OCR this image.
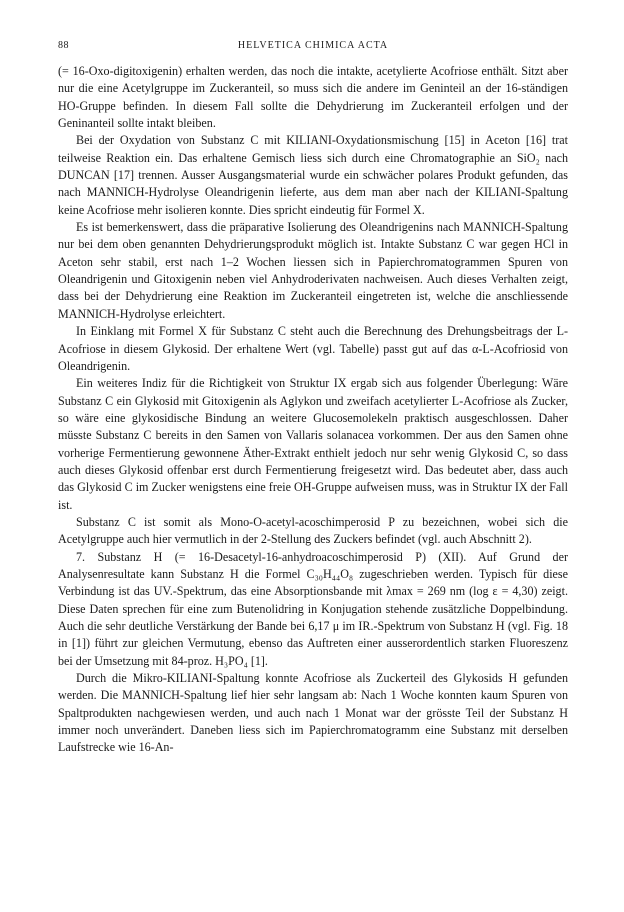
88	HELVETICA CHIMICA ACTA

(= 16-Oxo-digitoxigenin) erhalten werden, das noch die intakte, acetylierte Acofriose enthält. Sitzt aber nur die eine Acetylgruppe im Zuckeranteil, so muss sich die andere im Geninteil an der 16-ständigen HO-Gruppe befinden. In diesem Fall sollte die Dehydrierung im Zuckeranteil erfolgen und der Geninanteil sollte intakt bleiben.

Bei der Oxydation von Substanz C mit KILIANI-Oxydationsmischung [15] in Aceton [16] trat teilweise Reaktion ein. Das erhaltene Gemisch liess sich durch eine Chromatographie an SiO₂ nach DUNCAN [17] trennen. Ausser Ausgangsmaterial wurde ein schwächer polares Produkt gefunden, das nach MANNICH-Hydrolyse Oleandrigenin lieferte, aus dem man aber nach der KILIANI-Spaltung keine Acofriose mehr isolieren konnte. Dies spricht eindeutig für Formel X.

Es ist bemerkenswert, dass die präparative Isolierung des Oleandrigenins nach MANNICH-Spaltung nur bei dem oben genannten Dehydrierungsprodukt möglich ist. Intakte Substanz C war gegen HCl in Aceton sehr stabil, erst nach 1–2 Wochen liessen sich in Papierchromatogrammen Spuren von Oleandrigenin und Gitoxigenin neben viel Anhydroderivaten nachweisen. Auch dieses Verhalten zeigt, dass bei der Dehydrierung eine Reaktion im Zuckeranteil eingetreten ist, welche die anschliessende MANNICH-Hydrolyse erleichtert.

In Einklang mit Formel X für Substanz C steht auch die Berechnung des Drehungsbeitrags der L-Acofriose in diesem Glykosid. Der erhaltene Wert (vgl. Tabelle) passt gut auf das α-L-Acofriosid von Oleandrigenin.

Ein weiteres Indiz für die Richtigkeit von Struktur IX ergab sich aus folgender Überlegung: Wäre Substanz C ein Glykosid mit Gitoxigenin als Aglykon und zweifach acetylierter L-Acofriose als Zucker, so wäre eine glykosidische Bindung an weitere Glucosemolekeln praktisch ausgeschlossen. Daher müsste Substanz C bereits in den Samen von Vallaris solanacea vorkommen. Der aus den Samen ohne vorherige Fermentierung gewonnene Äther-Extrakt enthielt jedoch nur sehr wenig Glykosid C, so dass auch dieses Glykosid offenbar erst durch Fermentierung freigesetzt wird. Das bedeutet aber, dass auch das Glykosid C im Zucker wenigstens eine freie OH-Gruppe aufweisen muss, was in Struktur IX der Fall ist.

Substanz C ist somit als Mono-O-acetyl-acoschimperosid P zu bezeichnen, wobei sich die Acetylgruppe auch hier vermutlich in der 2-Stellung des Zuckers befindet (vgl. auch Abschnitt 2).

7. Substanz H (= 16-Desacetyl-16-anhydroacoschimperosid P) (XII). Auf Grund der Analysenresultate kann Substanz H die Formel C₃₀H₄₄O₈ zugeschrieben werden. Typisch für diese Verbindung ist das UV.-Spektrum, das eine Absorptionsbande mit λmax = 269 nm (log ε = 4,30) zeigt. Diese Daten sprechen für eine zum Butenolidring in Konjugation stehende zusätzliche Doppelbindung. Auch die sehr deutliche Verstärkung der Bande bei 6,17 μ im IR.-Spektrum von Substanz H (vgl. Fig. 18 in [1]) führt zur gleichen Vermutung, ebenso das Auftreten einer ausserordentlich starken Fluoreszenz bei der Umsetzung mit 84-proz. H₃PO₄ [1].

Durch die Mikro-KILIANI-Spaltung konnte Acofriose als Zuckerteil des Glykosids H gefunden werden. Die MANNICH-Spaltung lief hier sehr langsam ab: Nach 1 Woche konnten kaum Spuren von Spaltprodukten nachgewiesen werden, und auch nach 1 Monat war der grösste Teil der Substanz H immer noch unverändert. Daneben liess sich im Papierchromatogramm eine Substanz mit derselben Laufstrecke wie 16-An-
